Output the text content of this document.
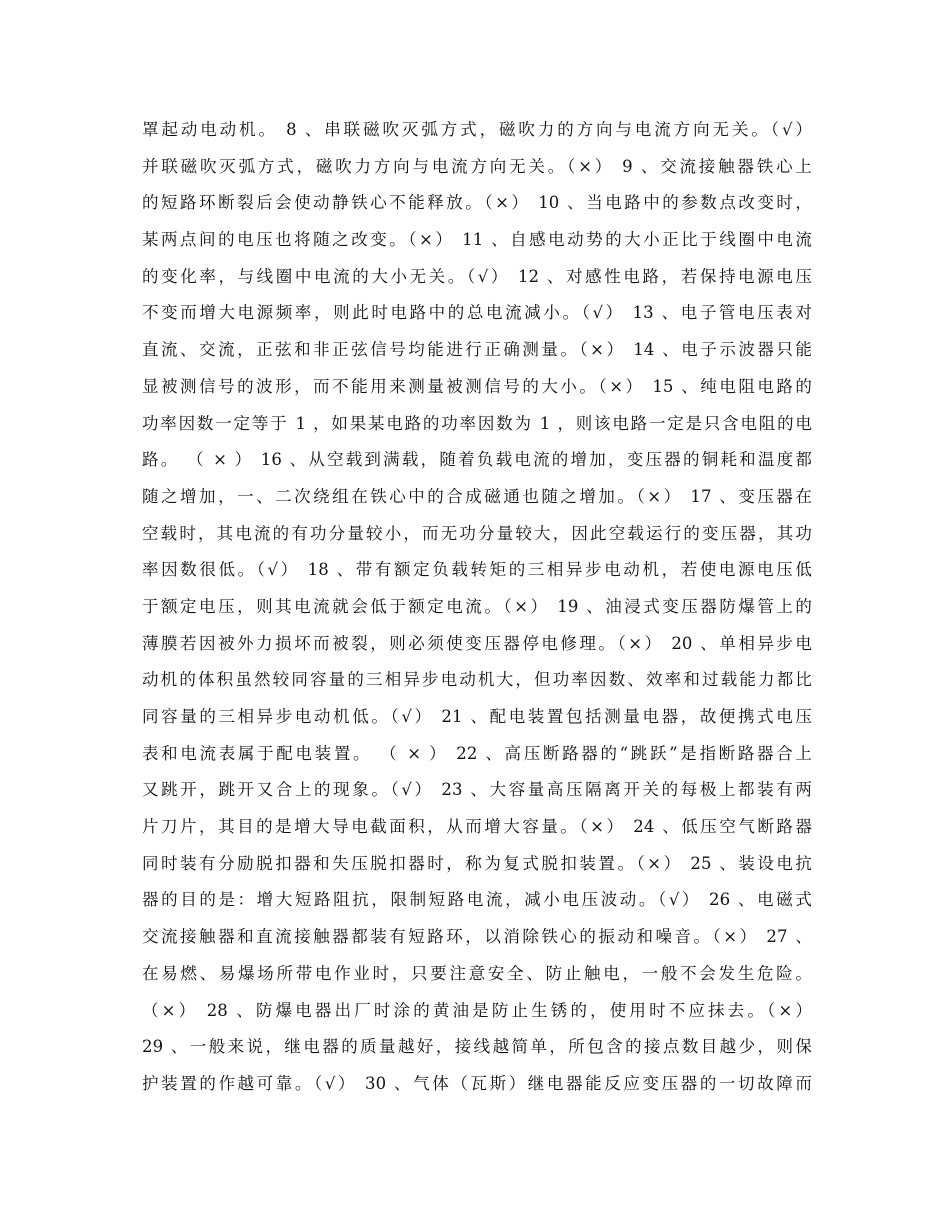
罩起动电动机。 8 、串联磁吹灭弧方式，磁吹力的方向与电流方向无关。（√）
并联磁吹灭弧方式，磁吹力方向与电流方向无关。（×） 9 、交流接触器铁心上
的短路环断裂后会使动静铁心不能释放。（×） 10 、当电路中的参数点改变时，
某两点间的电压也将随之改变。（×） 11 、自感电动势的大小正比于线圈中电流
的变化率，与线圈中电流的大小无关。（√） 12 、对感性电路，若保持电源电压
不变而增大电源频率，则此时电路中的总电流减小。（√） 13 、电子管电压表对
直流、交流，正弦和非正弦信号均能进行正确测量。（×） 14 、电子示波器只能
显被测信号的波形，而不能用来测量被测信号的大小。（×） 15 、纯电阻电路的
功率因数一定等于 1 ，如果某电路的功率因数为 1 ，则该电路一定是只含电阻的电
路。 （ × ） 16 、从空载到满载，随着负载电流的增加，变压器的铜耗和温度都
随之增加，一、二次绕组在铁心中的合成磁通也随之增加。（×） 17 、变压器在
空载时，其电流的有功分量较小，而无功分量较大，因此空载运行的变压器，其功
率因数很低。（√） 18 、带有额定负载转矩的三相异步电动机，若使电源电压低
于额定电压，则其电流就会低于额定电流。（×） 19 、油浸式变压器防爆管上的
薄膜若因被外力损坏而被裂，则必须使变压器停电修理。（×） 20 、单相异步电
动机的体积虽然较同容量的三相异步电动机大，但功率因数、效率和过载能力都比
同容量的三相异步电动机低。（√） 21 、配电装置包括测量电器，故便携式电压
表和电流表属于配电装置。 （ × ） 22 、高压断路器的“跳跃”是指断路器合上
又跳开，跳开又合上的现象。（√） 23 、大容量高压隔离开关的每极上都装有两
片刀片，其目的是增大导电截面积，从而增大容量。（×） 24 、低压空气断路器
同时装有分励脱扣器和失压脱扣器时，称为复式脱扣装置。（×） 25 、装设电抗
器的目的是：增大短路阻抗，限制短路电流，减小电压波动。（√） 26 、电磁式
交流接触器和直流接触器都装有短路环，以消除铁心的振动和噪音。（×） 27 、
在易燃、易爆场所带电作业时，只要注意安全、防止触电，一般不会发生危险。
（×） 28 、防爆电器出厂时涂的黄油是防止生锈的，使用时不应抹去。（×）
29 、一般来说，继电器的质量越好，接线越简单，所包含的接点数目越少，则保
护装置的作越可靠。（√） 30 、气体（瓦斯）继电器能反应变压器的一切故障而
